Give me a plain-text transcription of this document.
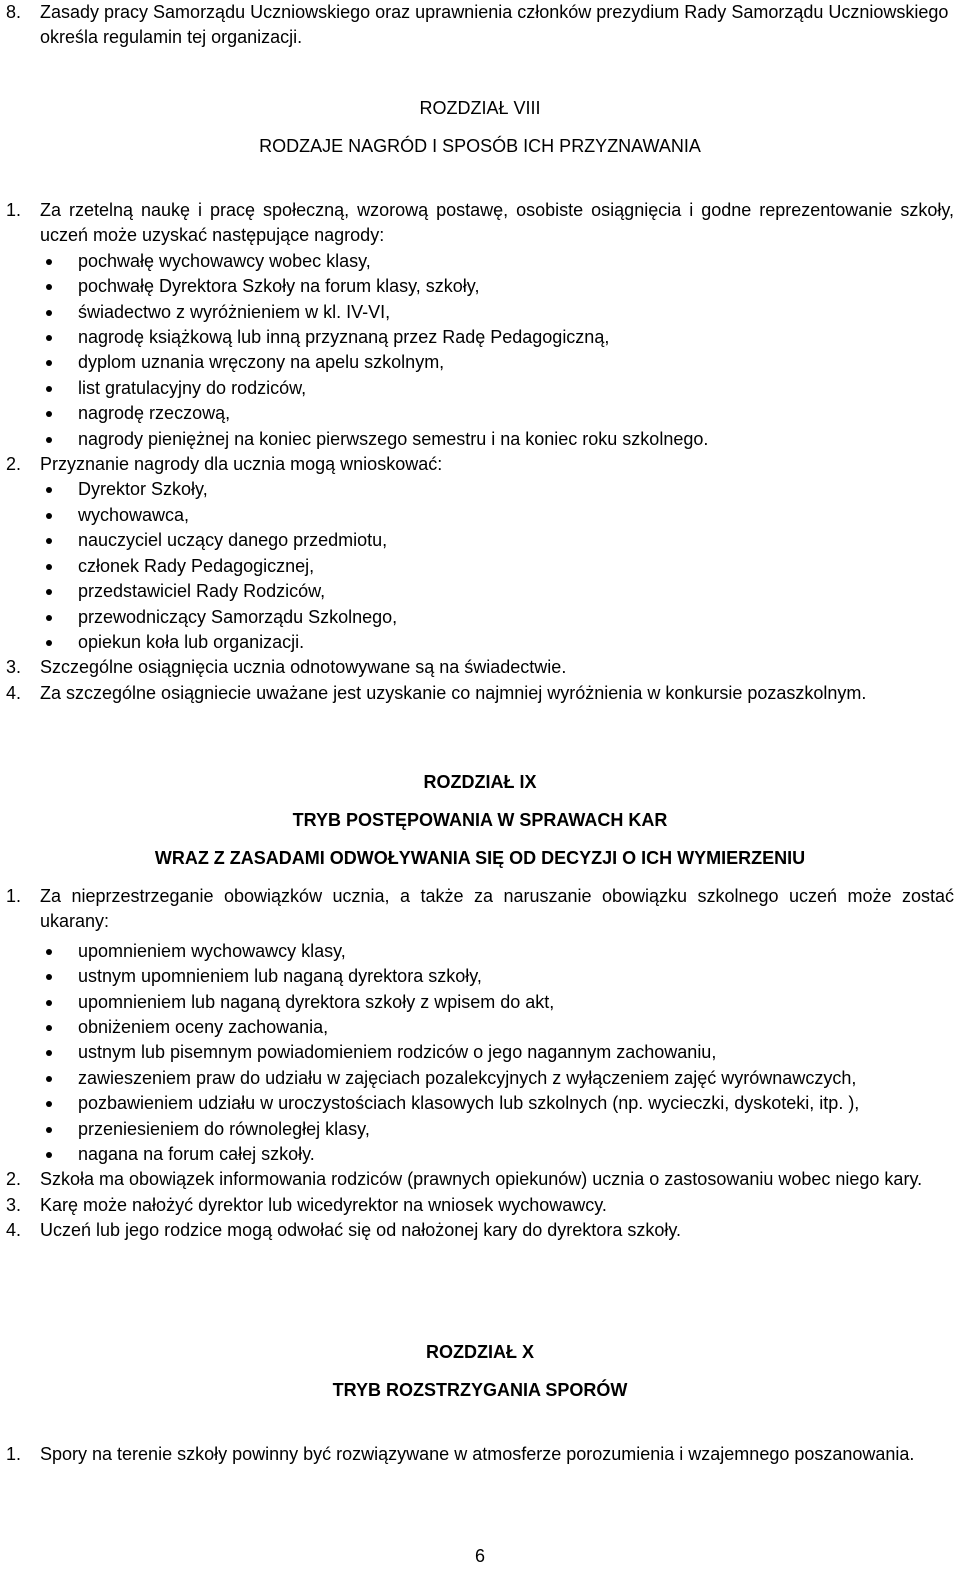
8.	Zasady pracy Samorządu Uczniowskiego oraz uprawnienia członków prezydium Rady Samorządu Uczniowskiego określa regulamin tej organizacji.
ROZDZIAŁ VIII
RODZAJE NAGRÓD I SPOSÓB ICH PRZYZNAWANIA
1.	Za rzetelną naukę i pracę społeczną, wzorową postawę, osobiste osiągnięcia i godne reprezentowanie szkoły, uczeń może uzyskać następujące nagrody:
pochwałę wychowawcy wobec klasy,
pochwałę Dyrektora Szkoły na forum klasy, szkoły,
świadectwo z wyróżnieniem w kl. IV-VI,
nagrodę książkową lub inną przyznaną przez Radę Pedagogiczną,
dyplom uznania wręczony na apelu szkolnym,
list gratulacyjny do rodziców,
nagrodę rzeczową,
nagrody pieniężnej na koniec pierwszego semestru i na koniec roku szkolnego.
2.	Przyznanie nagrody dla ucznia mogą wnioskować:
Dyrektor Szkoły,
wychowawca,
nauczyciel uczący danego przedmiotu,
członek Rady Pedagogicznej,
przedstawiciel Rady Rodziców,
przewodniczący Samorządu Szkolnego,
opiekun koła lub organizacji.
3.	Szczególne osiągnięcia ucznia odnotowywane są na świadectwie.
4.	Za szczególne osiągniecie uważane jest uzyskanie co najmniej wyróżnienia w konkursie pozaszkolnym.
ROZDZIAŁ IX
TRYB POSTĘPOWANIA W SPRAWACH KAR
WRAZ Z ZASADAMI ODWOŁYWANIA SIĘ OD DECYZJI O ICH WYMIERZENIU
1.	Za nieprzestrzeganie obowiązków ucznia, a także za naruszanie obowiązku szkolnego uczeń może zostać ukarany:
upomnieniem wychowawcy klasy,
ustnym upomnieniem lub naganą dyrektora szkoły,
upomnieniem lub naganą dyrektora szkoły z wpisem do akt,
obniżeniem oceny zachowania,
ustnym lub pisemnym powiadomieniem rodziców o jego nagannym zachowaniu,
zawieszeniem praw do udziału w zajęciach pozalekcyjnych z wyłączeniem zajęć wyrównawczych,
pozbawieniem udziału w uroczystościach klasowych lub szkolnych (np. wycieczki, dyskoteki, itp. ),
przeniesieniem do równoległej klasy,
nagana na forum całej szkoły.
2.	Szkoła ma obowiązek informowania rodziców (prawnych opiekunów) ucznia o zastosowaniu wobec niego kary.
3.	Karę może nałożyć dyrektor lub wicedyrektor na wniosek wychowawcy.
4.	Uczeń lub jego rodzice mogą odwołać się od nałożonej kary do dyrektora szkoły.
ROZDZIAŁ X
TRYB ROZSTRZYGANIA SPORÓW
1.	Spory na terenie szkoły powinny być rozwiązywane w atmosferze porozumienia i wzajemnego poszanowania.
6
